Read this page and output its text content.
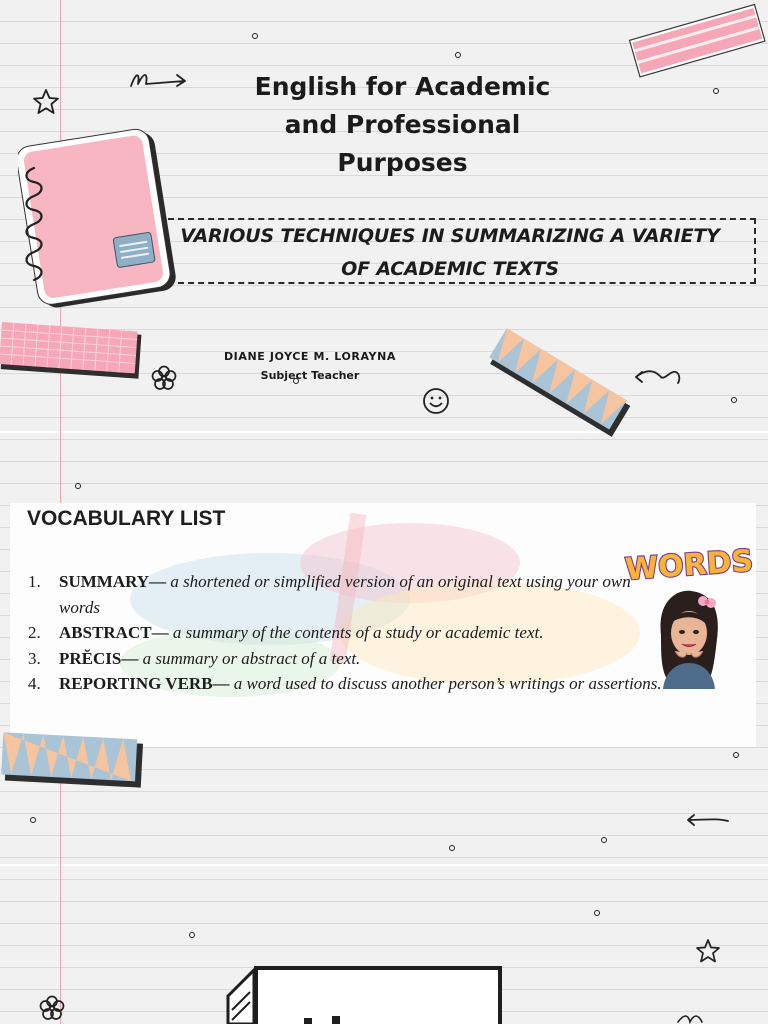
English for Academic and Professional Purposes
VARIOUS TECHNIQUES IN SUMMARIZING A VARIETY OF ACADEMIC TEXTS
DIANE JOYCE M. LORAYNA
Subject Teacher
VOCABULARY LIST
1.	SUMMARY— a shortened or simplified version of an original text using your own words
2.	ABSTRACT— a summary of the contents of a study or academic text.
3.	PRĔCIS— a summary or abstract of a text.
4.	REPORTING VERB— a word used to discuss another person’s writings or assertions.
WORDS
